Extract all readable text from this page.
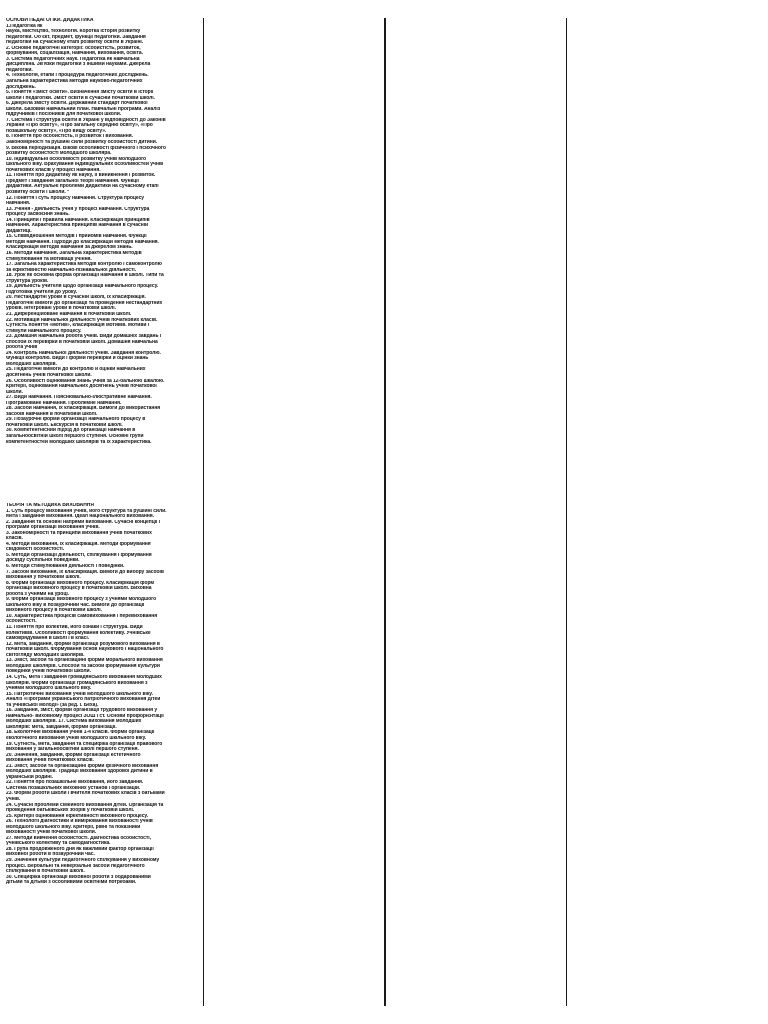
ОСНОВИ ПЕДАГОГІКИ. ДИДАКТИКА
1.Педагогіка як
наука, мистецтво, технологія. Коротка історія розвитку
педагогіки. Об'єкт, предмет, функції педагогіки. Завдання
педагогіки на сучасному етапі розвитку освіти в Україні.
2. Основні педагогічні категорії: особистість, розвиток,
формування, соціалізація, навчання, виховання, освіта.
3. Система педагогічних наук. Педагогіка як навчальна
дисципліна. Зв'язки педагогіки з іншими науками. Джерела
педагогіки.
4. Технологія, етапи і процедура педагогічних досліджень.
Загальна характеристика методів науково-педагогічних
досліджень.
5. Поняття «зміст освіти». Визначення змісту освіти в історії
школи і педагогіки. Зміст освіти в сучасній початковій школі.
6. Джерела змісту освіти. Державний стандарт початкової
школи. Базовий навчальний план. Навчальні програми. Аналіз
підручників і посібників для початкової школи.
7. Система і структура освіти в Україні у відповідності до Законів
України «Про освіту», «Про загальну середню освіту», «Про
позашкільну освіту», «Про вищу освіту».
8. Поняття про особистість, її розвиток і виховання.
Закономірності та рушійні сили розвитку особистості дитини.
9. Вікова періодизація. Вікові особливості фізичного і психічного
розвитку особистості молодшого школяра.
10. Індивідуальні особливості розвитку учнів молодшого
шкільного віку. Врахування індивідуальних особливостей учнів
початкових класів у процесі навчання.
11. Поняття про дидактику як науку, її виникнення і розвиток.
Предмет і завдання загальної теорії навчання. Функції
дидактики. Актуальні проблеми дидактики на сучасному етапі
розвитку освіти і школи. *
12. Поняття і суть процесу навчання. Структура процесу
навчання.
13. Учіння - діяльність учня у процесі навчання. Структура
процесу засвоєння знань.
14. Принципи і правила навчання. Класифікація принципів
навчання. Характеристика принципів навчання в сучасній
дидактиці.
15. Співвідношення методів і прийомів навчання. Функції
методів навчання. Підходи до класифікацій методів навчання.
Класифікація методів навчання за джерелом знань.
16. Методи навчання. Загальна характеристика методів
стимулювання та мотивації учіння.
17. Загальна характеристика методів контролю і самоконтролю
за ефективністю навчально-пізнавальної діяльності.
18. Урок як основна форма організації навчання в школі. Типи та
структура уроків.
19. Діяльність учителя щодо організації навчального процесу.
Підготовка учителя до уроку.
20. Нестандартні уроки в сучасній школі, їх класифікація.
Педагогічні вимоги до організації та проведення нестандартних
уроків. Інтегровані уроки в початковій школі.
21. Диференційоване навчання в початковій школі.
22. Мотивація навчальної діяльності учнів початкових класів.
Сутність поняття «мотив», класифікація мотивів. Мотиви і
стимули навчального процесу.
23. Домашня навчальна робота учнів. Види домашніх завдань і
способи їх перевірки в початковій школі. Домашня навчальна
робота учнів
24. Контроль навчальної діяльності учнів. Завдання контролю.
Функції контролю. Види і форми перевірки й оцінки знань
молодших школярів.
25. Педагогічні вимоги до контролю й оцінки навчальних
досягнень учнів початкової школи.
26. Особливості оцінювання знань учнів за 12-бальною шкалою.
Критерії, оцінювання навчальних досягнень учнів початкової
школи.
27. Види навчання. Пояснювально-ілюстративне навчання.
Програмоване навчання. Проблемне навчання.
28. Засоби навчання, їх класифікація. Вимоги до використання
засобів навчання в початковій школі.
29. Позаурочні форми організації навчального процесу в
початковій школі. Екскурсія в початковій школі.
30. Компетентнісний підхід до організації навчання в
загальноосвітній школі першого ступеня. Основні групи
компетентностей молодших школярів та їх характеристика.
ТЕОРІЯ ТА МЕТОДИКА ВИХОВАННЯ
1. Суть процесу виховання учнів, його структура та рушійні сили.
Мета і завдання виховання. Ідеал національного виховання.
2. Завдання та основні напрями виховання. Сучасні концепції і
програми організації виховання учнів.
3. Закономірності та принципи виховання учнів початкових
класів.
4. Методи виховання, їх класифікація. Методи формування
свідомості особистості.
5. Методи організації діяльності, спілкування і формування
досвіду суспільної поведінки.
6. Методи стимулювання діяльності і поведінки.
7. Засоби виховання, їх класифікація. Вимоги до вибору засобів
виховання у початковій школі.
8. Форми організації виховного процесу. Класифікація форм
організації виховного процесу в початковій школі. Виховна
робота з учнями на уроці.
9. Форми організації виховного процесу з учнями молодшого
шкільного віку в позаурочний час. Вимоги до організації
виховного процесу в початковій школі.
10. Характеристика процесів самовиховання і перевиховання
особистості.
11. Поняття про колектив, його ознаки і структура. Види
колективів. Особливості формування колективу. Учнівське
самоврядування в школі і в класі.
12. Мета, завдання, форми організації розумового виховання в
початковій школі. Формування основ наукового і національного
світогляду молодших школярів.
13. Зміст, засоби та організаційні форми морального виховання
молодших школярів. Способи та засоби формування культури
поведінки учнів початкової школи.
14. Суть, мета і завдання громадянського виховання молодших
школярів. Форми організації громадянського виховання з
учнями молодшого шкільного віку.
15. Патріотичне виховання учнів молодшого шкільного віку.
Аналіз «Програми українського патріотичного виховання дітей
та учнівської молоді» (за ред. І. Беха).
16. Завдання, зміст, форми організації трудового виховання у
навчально- виховному процесі ЗОШ І ст. Основи профорієнтації
молодших школярів. 17. Система виховання молодших
школярів: мета, завдання, форми організації.
18. Екологічне виховання учнів 1-4 класів. Форми організації
екологічного виховання учнів молодшого шкільного віку.
19. Сутність, мета, завдання та специфіка організації правового
виховання у загальноосвітній школі першого ступеня.
20. Значення, завдання, форми організації естетичного
виховання учнів початкових класів.
21. Зміст, засоби та організаційні форми фізичного виховання
молодших школярів. Традиції виховання здорової дитини в
українській родині.
22. Поняття про позашкільне виховання, його завдання.
Система позашкільних виховних установ і організацій.
23. Форми роботи школи і вчителя початкових класів з батьками
учнів.
24. Сучасні проблеми сімейного виховання дітей. Організація та
проведення батьківських зборів у початковій школі.
25. Критерії оцінювання ефективності виховного процесу.
26. Технології діагностики й вимірювання вихованості учнів
молодшого шкільного віку. Критерії, рівні та показники
вихованості учнів початкової школи.
27. Методи вивчення особистості. Діагностика особистості,
учнівського колективу та самодіагностика.
28. Група продовженого дня як важливий фактор організації
виховної роботи в позаурочний час.
29. Значення культури педагогічного спілкування у виховному
процесі. Вербальні та невербальні засоби педагогічного
спілкування в початковій школі.
30. Специфіка організації виховної роботи з обдарованими
дітьми та дітьми з особливими освітніми потребами.
